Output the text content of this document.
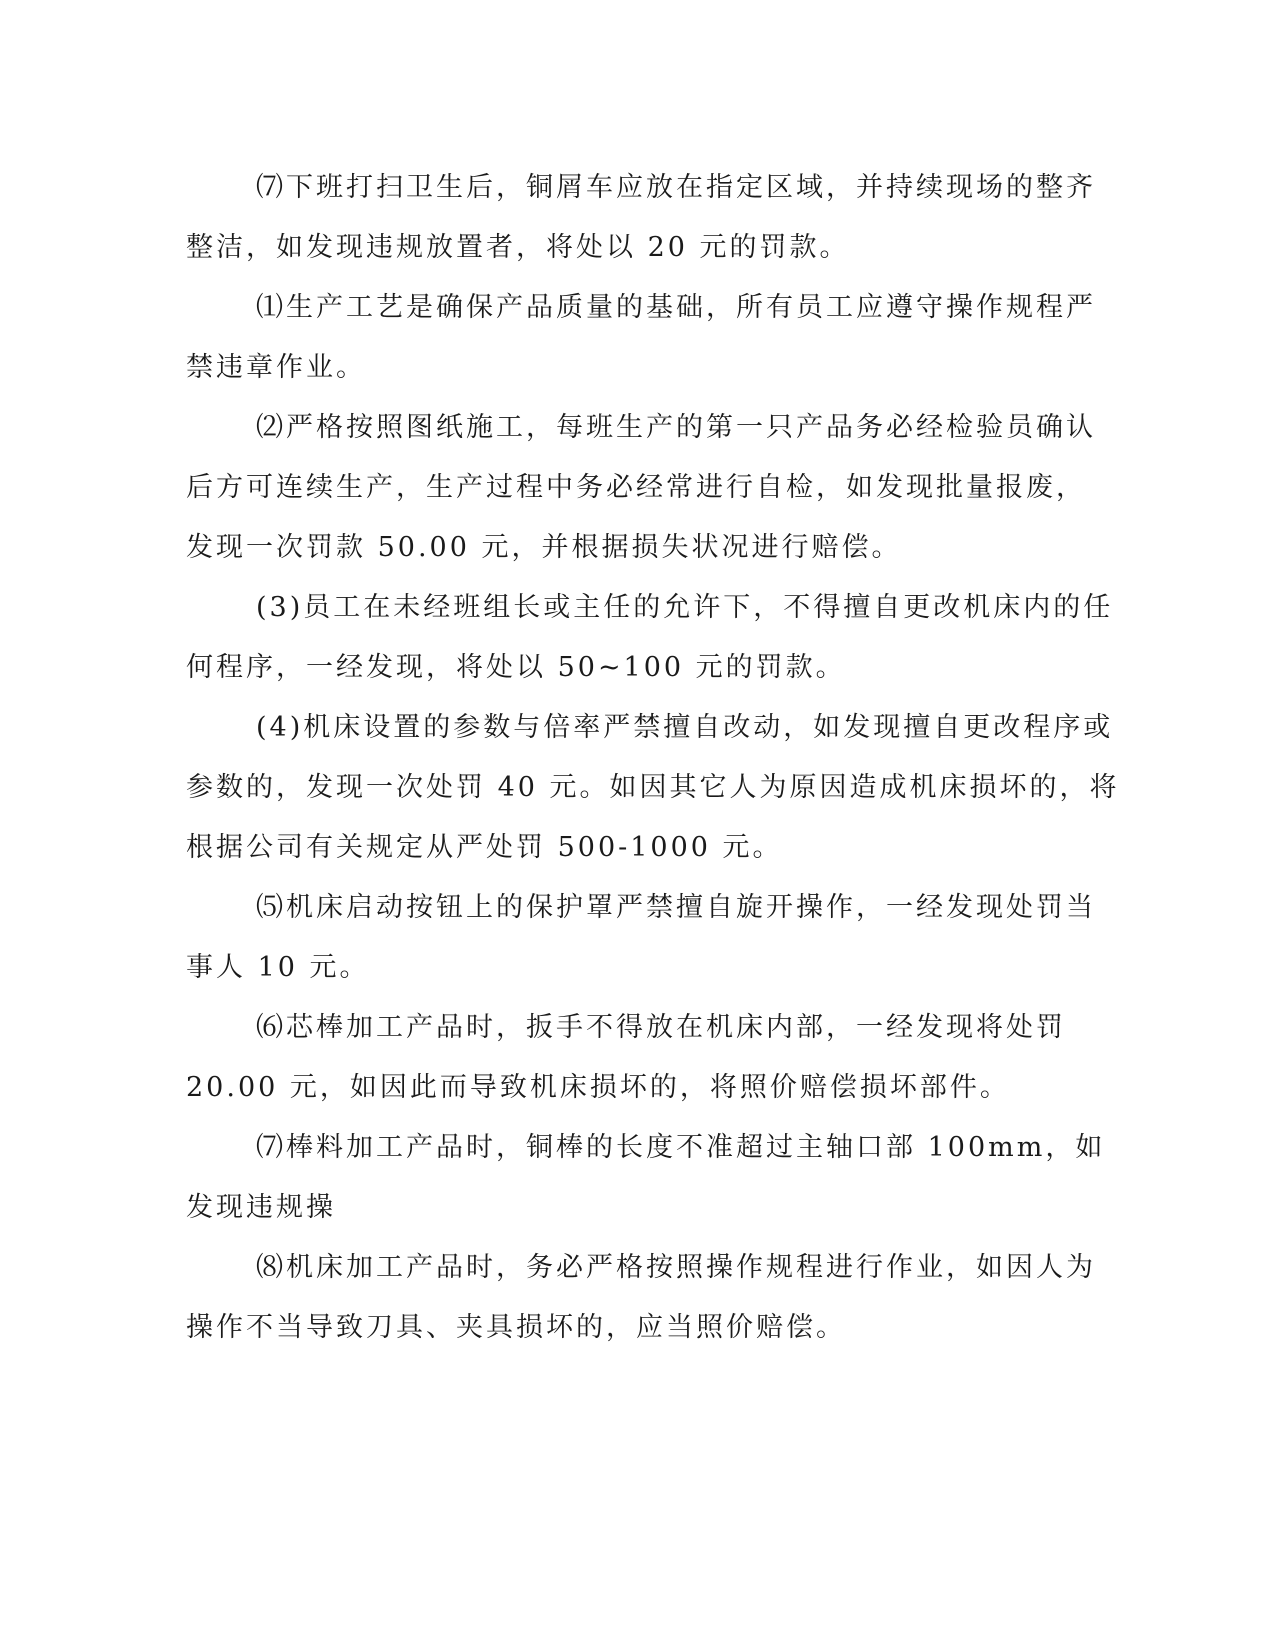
⑺下班打扫卫生后，铜屑车应放在指定区域，并持续现场的整齐
整洁，如发现违规放置者，将处以 20 元的罚款。

⑴生产工艺是确保产品质量的基础，所有员工应遵守操作规程严
禁违章作业。

⑵严格按照图纸施工，每班生产的第一只产品务必经检验员确认
后方可连续生产，生产过程中务必经常进行自检，如发现批量报废，
发现一次罚款 50.00 元，并根据损失状况进行赔偿。

(3)员工在未经班组长或主任的允许下，不得擅自更改机床内的任
何程序，一经发现，将处以 50~100 元的罚款。

(4)机床设置的参数与倍率严禁擅自改动，如发现擅自更改程序或
参数的，发现一次处罚 40 元。如因其它人为原因造成机床损坏的，将
根据公司有关规定从严处罚 500-1000 元。

⑸机床启动按钮上的保护罩严禁擅自旋开操作，一经发现处罚当
事人 10 元。

⑹芯棒加工产品时，扳手不得放在机床内部，一经发现将处罚
20.00 元，如因此而导致机床损坏的，将照价赔偿损坏部件。

⑺棒料加工产品时，铜棒的长度不准超过主轴口部 100mm，如
发现违规操

⑻机床加工产品时，务必严格按照操作规程进行作业，如因人为
操作不当导致刀具、夹具损坏的，应当照价赔偿。
